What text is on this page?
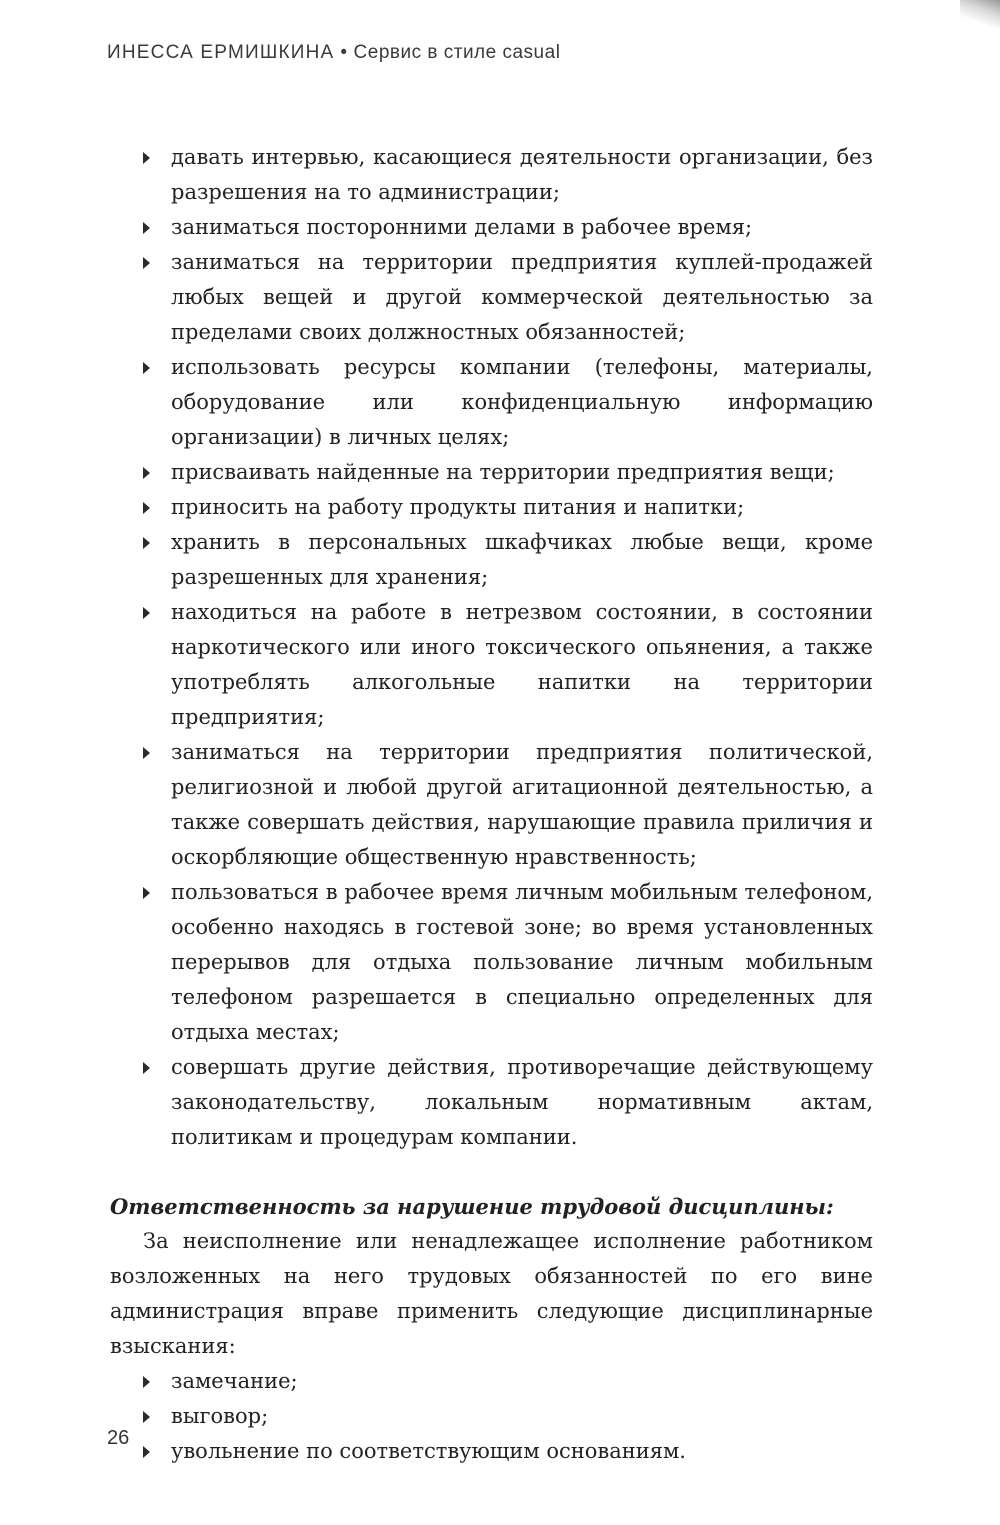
ИНЕССА ЕРМИШКИНА • Сервис в стиле casual
давать интервью, касающиеся деятельности организации, без разрешения на то администрации;
заниматься посторонними делами в рабочее время;
заниматься на территории предприятия куплей-продажей любых вещей и другой коммерческой деятельностью за пределами своих должностных обязанностей;
использовать ресурсы компании (телефоны, материалы, оборудование или конфиденциальную информацию организации) в личных целях;
присваивать найденные на территории предприятия вещи;
приносить на работу продукты питания и напитки;
хранить в персональных шкафчиках любые вещи, кроме разрешенных для хранения;
находиться на работе в нетрезвом состоянии, в состоянии наркотического или иного токсического опьянения, а также употреблять алкогольные напитки на территории предприятия;
заниматься на территории предприятия политической, религиозной и любой другой агитационной деятельностью, а также совершать действия, нарушающие правила приличия и оскорбляющие общественную нравственность;
пользоваться в рабочее время личным мобильным телефоном, особенно находясь в гостевой зоне; во время установленных перерывов для отдыха пользование личным мобильным телефоном разрешается в специально определенных для отдыха местах;
совершать другие действия, противоречащие действующему законодательству, локальным нормативным актам, политикам и процедурам компании.
Ответственность за нарушение трудовой дисциплины:
За неисполнение или ненадлежащее исполнение работником возложенных на него трудовых обязанностей по его вине администрация вправе применить следующие дисциплинарные взыскания:
замечание;
выговор;
увольнение по соответствующим основаниям.
26
